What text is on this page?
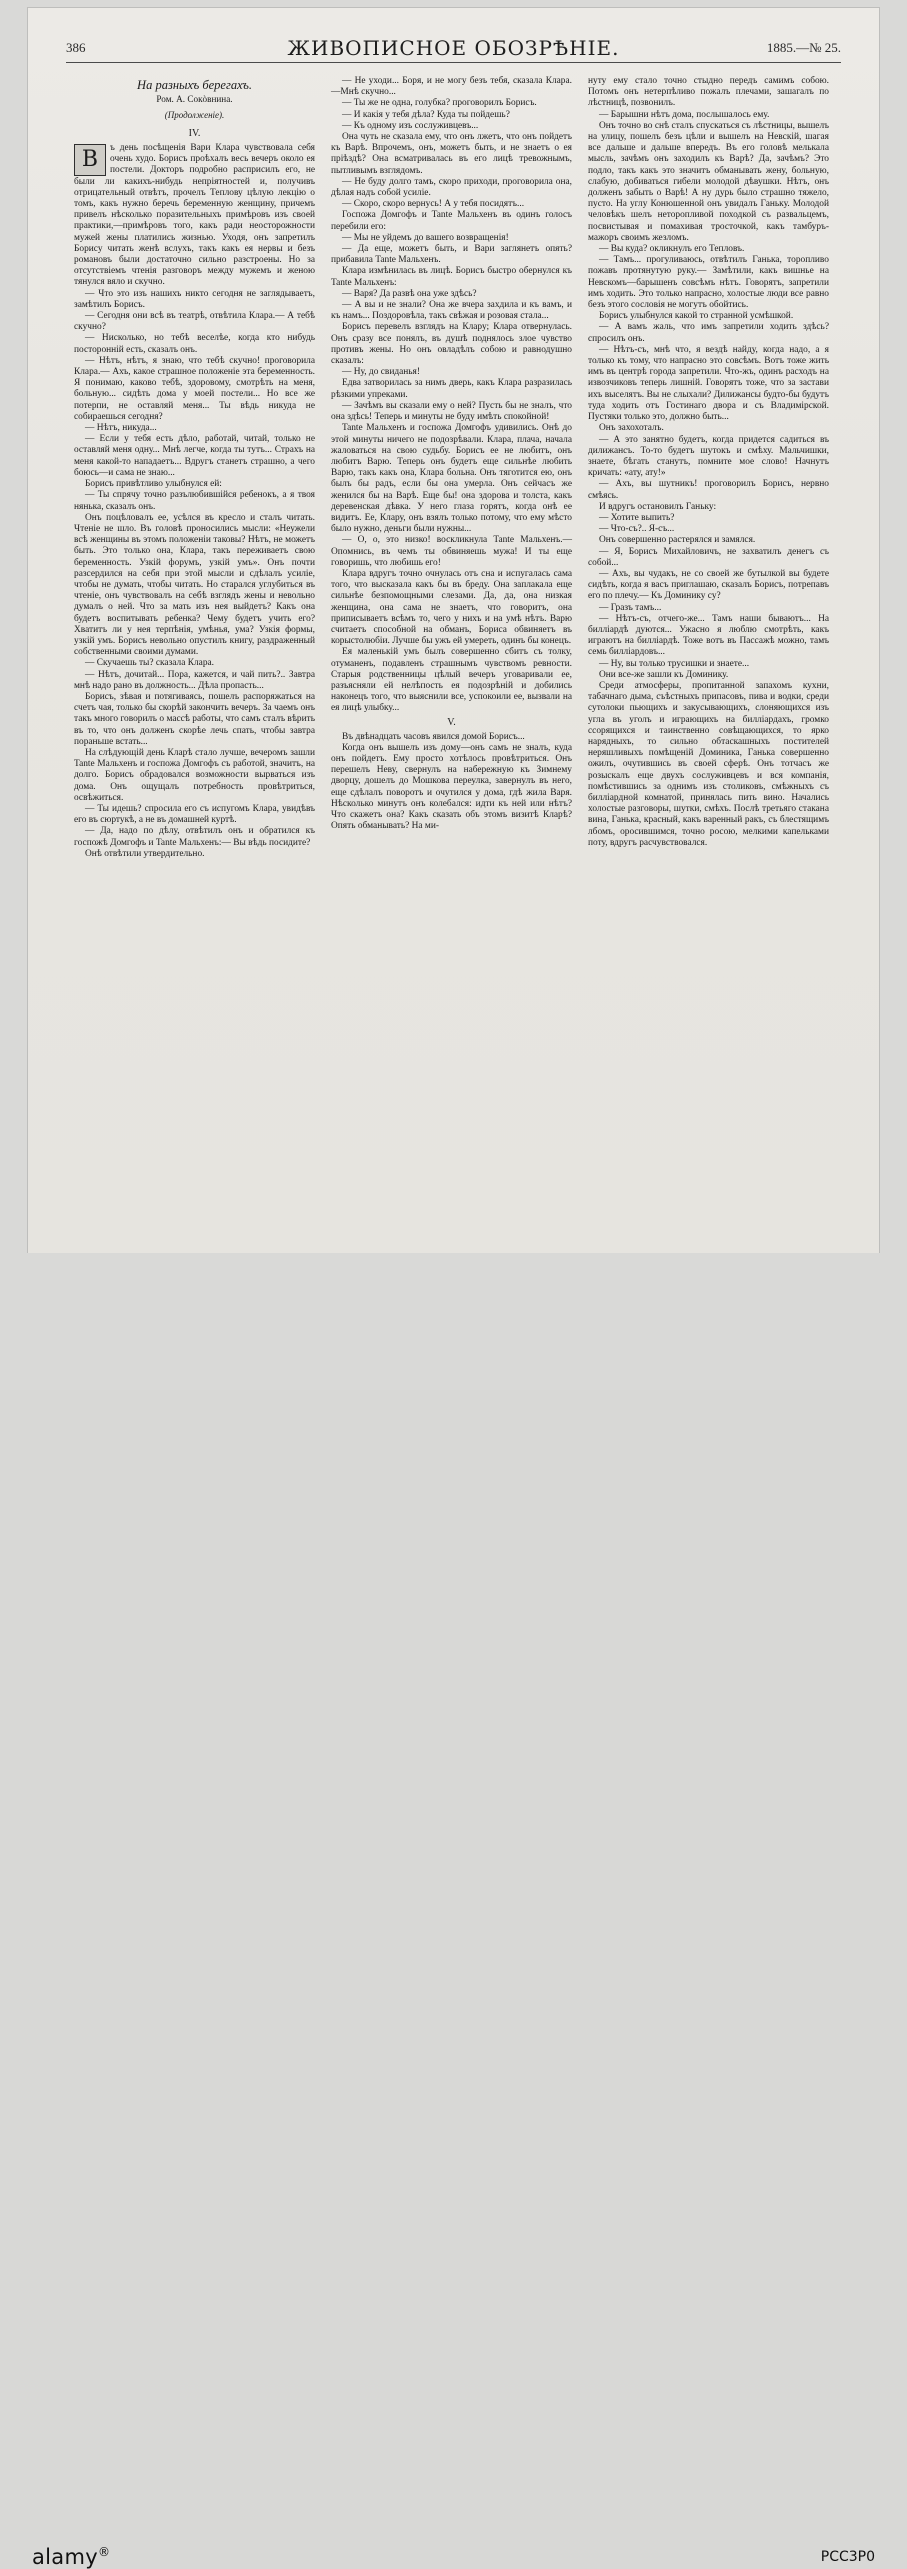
386	ЖИВОПИСНОЕ ОБОЗРѢНІЕ.	1885.—№ 25.
На разныхъ берегахъ.
Ром. А. Сокòвнина.
(Продолженіе).
IV.

В	ъ день посѣщенія Вари Клара чувствовала себя очень худо. Борисъ проѣхалъ весь вечеръ около ея постели. Докторъ подробно расприсилъ его, не были ли какихъ-нибудь непріятностей и, получивъ отрицательный отвѣтъ, прочелъ Теплову цѣлую лекцію о томъ, какъ нужно беречь беременную женщину, причемъ привелъ нѣсколько поразительныхъ примѣровъ изъ своей практики,—примѣровъ того, какъ ради неосторожности мужей жены платились жизнью. Уходя, онъ запретилъ Борису читать женѣ вслухъ, такъ какъ ея нервы и безъ романовъ были достаточно сильно разстроены. Но за отсутствіемъ чтенія разговоръ между мужемъ и женою тянулся вяло и скучно.

— Что это изъ нашихъ никто сегодня не заглядываетъ, замѣтилъ Борисъ.

— Сегодня они всѣ въ театрѣ, отвѣтила Клара.— А тебѣ скучно?

— Нисколько, но тебѣ веселѣе, когда кто нибудь посторонній есть, сказалъ онъ.

— Нѣтъ, нѣтъ, я знаю, что тебѣ скучно! проговорила Клара.— Ахъ, какое страшное положеніе эта беременность. Я понимаю, каково тебѣ, здоровому, смотрѣть на меня, больную... сидѣть дома у моей постели... Но все же потерпи, не оставляй меня... Ты вѣдь никуда не собираешься сегодня?

— Нѣтъ, никуда...

— Если у тебя есть дѣло, работай, читай, только не оставляй меня одну... Мнѣ легче, когда ты тутъ... Страхъ на меня какой-то нападаетъ... Вдругъ станетъ страшно, а чего боюсь—и сама не знаю...

Борисъ привѣтливо улыбнулся ей:

— Ты спрячу точно разълюбившійся ребенокъ, а я твоя нянька, сказалъ онъ.

Онъ поцѣловалъ ее, усѣлся въ кресло и сталъ читать. Чтеніе не шло. Въ головѣ проносились мысли: «Неужели всѣ женщины въ этомъ положеніи таковы? Нѣтъ, не можетъ быть. Это только она, Клара, такъ переживаетъ свою беременность. Узкій форумъ, узкій умъ». Онъ почти разсердился на себя при этой мысли и сдѣлалъ усиліе, чтобы не думать, чтобы читать. Но старался углубиться въ чтеніе, онъ чувствовалъ на себѣ взглядъ жены и невольно думалъ о ней. Что за мать изъ нея выйдетъ? Какъ она будетъ воспитывать ребенка? Чему будетъ учить его? Хватитъ ли у нея терпѣнія, умѣнья, ума? Узкія формы, узкій умъ. Борисъ невольно опустилъ книгу, раздраженный собственными своими думами.

— Скучаешь ты? сказала Клара.

— Нѣтъ, дочитай... Пора, кажется, и чай пить?.. Завтра мнѣ надо рано въ должность... Дѣла пропасть...

Борисъ, зѣвая и потягиваясь, пошелъ распоряжаться на счетъ чая, только бы скорѣй закончить вечеръ. За чаемъ онъ такъ много говорилъ о массѣ работы, что самъ сталъ вѣрить въ то, что онъ долженъ скорѣе лечь спать, чтобы завтра пораньше встать...

На слѣдующій день Кларѣ стало лучше, вечеромъ зашли Tante Мальхенъ и госпожа Домгофъ съ работой, значитъ, на долго. Борисъ обрадовался возможности вырваться изъ дома. Онъ ощущалъ потребность провѣтриться, освѣжиться.

— Ты идешь? спросила его съ испугомъ Клара, увидѣвъ его въ сюртукѣ, а не въ домашней куртѣ.

— Да, надо по дѣлу, отвѣтилъ онъ и обратился къ госпожѣ Домгофъ и Tante Мальхенъ:— Вы вѣдь посидите?

Онѣ отвѣтили утвердительно.

— Не уходи... Боря, и не могу безъ тебя, сказала Клара.—Мнѣ скучно...

— Ты же не одна, голубка? проговорилъ Борисъ.

— И какія у тебя дѣла? Куда ты пойдешь?

— Къ одному изъ сослуживцевъ...

Она чуть не сказала ему, что онъ лжетъ, что онъ пойдетъ къ Варѣ. Впрочемъ, онъ, можетъ быть, и не знаетъ о ея пріѣздѣ? Она всматривалась въ его лицѣ тревожнымъ, пытливымъ взглядомъ.

— Не буду долго тамъ, скоро приходи, проговорила она, дѣлая надъ собой усиліе.

— Скоро, скоро вернусь! А у тебя посидятъ...

Госпожа Домгофъ и Tante Мальхенъ въ одинъ голосъ перебили его:

— Мы не уйдемъ до вашего возвращенія!

— Да еще, можетъ быть, и Вари заглянетъ опять? прибавила Tante Мальхенъ.

Клара измѣнилась въ лицѣ. Борисъ быстро обернулся къ Tante Мальхенъ:

— Варя? Да развѣ она уже здѣсь?

— А вы и не знали? Она же вчера захдила и къ вамъ, и къ намъ... Поздоровѣла, такъ свѣжая и розовая стала...

Борисъ перевелъ взглядъ на Клару; Клара отвернулась. Онъ сразу все понялъ, въ душѣ поднялось злое чувство противъ жены. Но онъ овладѣлъ собою и равнодушно сказалъ:

— Ну, до свиданья!

Едва затворилась за нимъ дверь, какъ Клара разразилась рѣзкими упреками.

— Зачѣмъ вы сказали ему о ней? Пусть бы не зналъ, что она здѣсь! Теперь и минуты не буду имѣть спокойной!

Tante Мальхенъ и госпожа Домгофъ удивились. Онѣ до этой минуты ничего не подозрѣвали. Клара, плача, начала жаловаться на свою судьбу. Борисъ ее не любитъ, онъ любитъ Варю. Теперь онъ будетъ еще сильнѣе любить Варю, такъ какъ она, Клара больна. Онъ тяготится ею, онъ былъ бы радъ, если бы она умерла. Онъ сейчасъ же женился бы на Варѣ. Еще бы! она здорова и толста, какъ деревенская дѣвка. У него глаза горятъ, когда онѣ ее видитъ. Ее, Клару, онъ взялъ только потому, что ему мѣсто было нужно, деньги были нужны...

— О, о, это низко! воскликнула Tante Мальхенъ.—Опомнись, въ чемъ ты обвиняешь мужа! И ты еще говоришь, что любишь его!

Клара вдругъ точно очнулась отъ сна и испугалась сама того, что высказала какъ бы въ бреду. Она заплакала еще сильнѣе безпомощными слезами. Да, да, она низкая женщина, она сама не знаетъ, что говоритъ, она приписываетъ всѣмъ то, чего у нихъ и на умѣ нѣтъ. Варю считаетъ способной на обманъ, Бориса обвиняетъ въ корыстолюбіи. Лучше бы ужъ ей умереть, одинъ бы конецъ.

Ея маленькій умъ былъ совершенно сбитъ съ толку, отуманенъ, подавленъ страшнымъ чувствомъ ревности. Старыя родственницы цѣлый вечеръ уговаривали ее, разъясняли ей нелѣпость ея подозрѣній и добились наконецъ того, что выяснили все, успокоили ее, вызвали на ея лицѣ улыбку...

V.

Въ двѣнадцать часовъ явился домой Борисъ...

Когда онъ вышелъ изъ дому—онъ самъ не зналъ, куда онъ пойдетъ. Ему просто хотѣлось провѣтриться. Онъ перешелъ Неву, свернулъ на набережную къ Зимнему дворцу, дошелъ до Мошкова переулка, завернулъ въ него, еще сдѣлалъ поворотъ и очутился у дома, гдѣ жила Варя. Нѣсколько минутъ онъ колебался: идти къ ней или нѣтъ? Что скажетъ она? Какъ сказать объ этомъ визитѣ Кларѣ? Опять обманывать? На ми-

нуту ему стало точно стыдно передъ самимъ собою. Потомъ онъ нетерпѣливо пожалъ плечами, зашагалъ по лѣстницѣ, позвонилъ.

— Барышни нѣтъ дома, послышалось ему.

Онъ точно во снѣ сталъ спускаться съ лѣстницы, вышелъ на улицу, пошелъ безъ цѣли и вышелъ на Невскій, шагая все дальше и дальше впередъ. Въ его головѣ мелькала мысль, зачѣмъ онъ заходилъ къ Варѣ? Да, зачѣмъ? Это подло, такъ какъ это значитъ обманывать жену, больную, слабую, добиваться гибели молодой дѣвушки. Нѣтъ, онъ долженъ забыть о Варѣ! А ну дурь было страшно тяжело, пусто. На углу Конюшенной онъ увидалъ Ганьку. Молодой человѣкъ шелъ неторопливой походкой съ развальцемъ, посвистывая и помахивая тросточкой, какъ тамбуръ-мажоръ своимъ жезломъ.

— Вы куда? окликнулъ его Тепловъ.

— Тамъ... прогуливаюсь, отвѣтилъ Ганька, торопливо пожавъ протянутую руку.— Замѣтили, какъ вишнье на Невскомъ—барышенъ совсѣмъ нѣтъ. Говорятъ, запретили имъ ходить. Это только напрасно, холостые люди все равно безъ этого сословія не могутъ обойтись.

Борисъ улыбнулся какой то странной усмѣшкой.

— А вамъ жаль, что имъ запретили ходить здѣсь? спросилъ онъ.

— Нѣтъ-съ, мнѣ что, я вездѣ найду, когда надо, а я только къ тому, что напрасно это совсѣмъ. Вотъ тоже жить имъ въ центрѣ города запретили. Что-жъ, одинъ расходъ на извозчиковъ теперь лишній. Говорятъ тоже, что за застави ихъ выселятъ. Вы не слыхали? Дилижансы будто-бы будутъ туда ходить отъ Гостинаго двора и съ Владимірской. Пустяки только это, должно быть...

Онъ захохоталъ.

— А это занятно будетъ, когда придется садиться въ дилижансъ. То-то будетъ шутокъ и смѣху. Мальчишки, знаете, бѣгать станутъ, помните мое слово! Начнутъ кричать: «ату, ату!»

— Ахъ, вы шутникъ! проговорилъ Борисъ, нервно смѣясь.

И вдругъ остановилъ Ганьку:

— Хотите выпить?

— Что-съ?.. Я-съ...

Онъ совершенно растерялся и замялся.

— Я, Борисъ Михайловичъ, не захватилъ денегъ съ собой...

— Ахъ, вы чудакъ, не со своей же бутылкой вы будете сидѣть, когда я васъ приглашаю, сказалъ Борисъ, потрепавъ его по плечу.— Къ Доминику су?

— Гразъ тамъ...

— Нѣтъ-съ, отчего-же... Тамъ наши бываютъ... На билліардѣ дуются... Ужасно я люблю смотрѣть, какъ играютъ на билліардѣ. Тоже вотъ въ Пассажѣ можно, тамъ семь билліардовъ...

— Ну, вы только трусишки и знаете...

Они все-же зашли къ Доминику.

Среди атмосферы, пропитанной запахомъ кухни, табачнаго дыма, съѣстныхъ припасовъ, пива и водки, среди сутолоки пьющихъ и закусывающихъ, слоняющихся изъ угла въ уголъ и играющихъ на билліардахъ, громко ссорящихся и таинственно совѣщающихся, то ярко нарядныхъ, то сильно обтаскашныхъ постителей неряшливыхъ помѣщеній Доминика, Ганька совершенно ожилъ, очутившись въ своей сферѣ. Онъ тотчасъ же розыскалъ еще двухъ сослуживцевъ и вся компанія, помѣстившись за однимъ изъ столиковъ, смѣжныхъ съ билліардной комнатой, принялась пить вино. Начались холостые разговоры, шутки, смѣхъ. Послѣ третьяго стакана вина, Ганька, красный, какъ варенный ракъ, съ блестящимъ лбомъ, оросившимся, точно росою, мелкими капельками поту, вдругъ расчувствовался.

alamy®	PCC3P0
